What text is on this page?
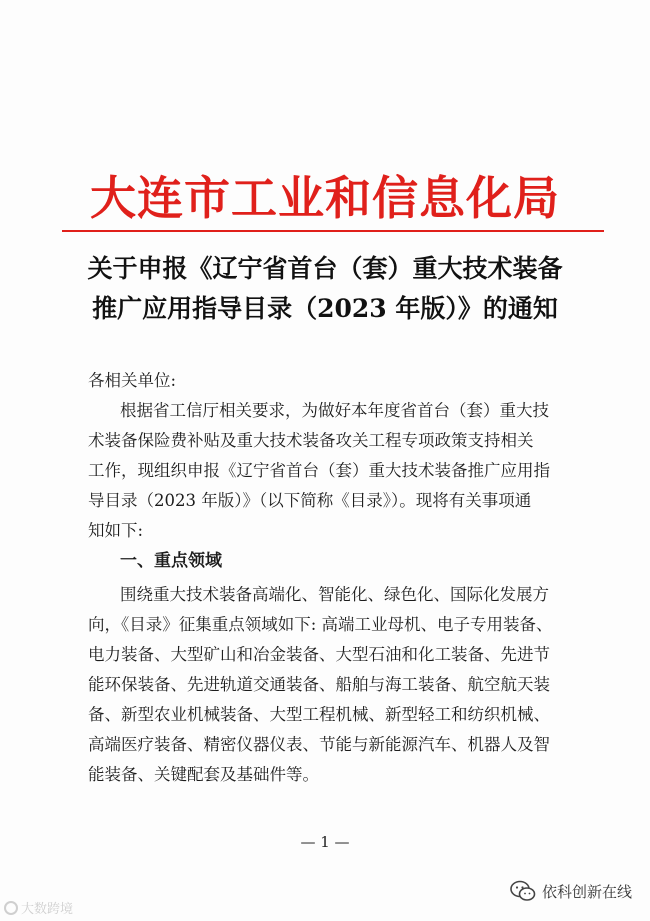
大连市工业和信息化局
关于申报《辽宁省首台（套）重大技术装备
推广应用指导目录（2023 年版）》的通知
各相关单位:
根据省工信厅相关要求，为做好本年度省首台（套）重大技
术装备保险费补贴及重大技术装备攻关工程专项政策支持相关
工作，现组织申报《辽宁省首台（套）重大技术装备推广应用指
导目录（2023 年版）》（以下简称《目录》）。现将有关事项通
知如下:
一、重点领域
围绕重大技术装备高端化、智能化、绿色化、国际化发展方
向，《目录》征集重点领域如下: 高端工业母机、电子专用装备、
电力装备、大型矿山和冶金装备、大型石油和化工装备、先进节
能环保装备、先进轨道交通装备、船舶与海工装备、航空航天装
备、新型农业机械装备、大型工程机械、新型轻工和纺织机械、
高端医疗装备、精密仪器仪表、节能与新能源汽车、机器人及智
能装备、关键配套及基础件等。
— 1 —
大数跨境
依科创新在线
